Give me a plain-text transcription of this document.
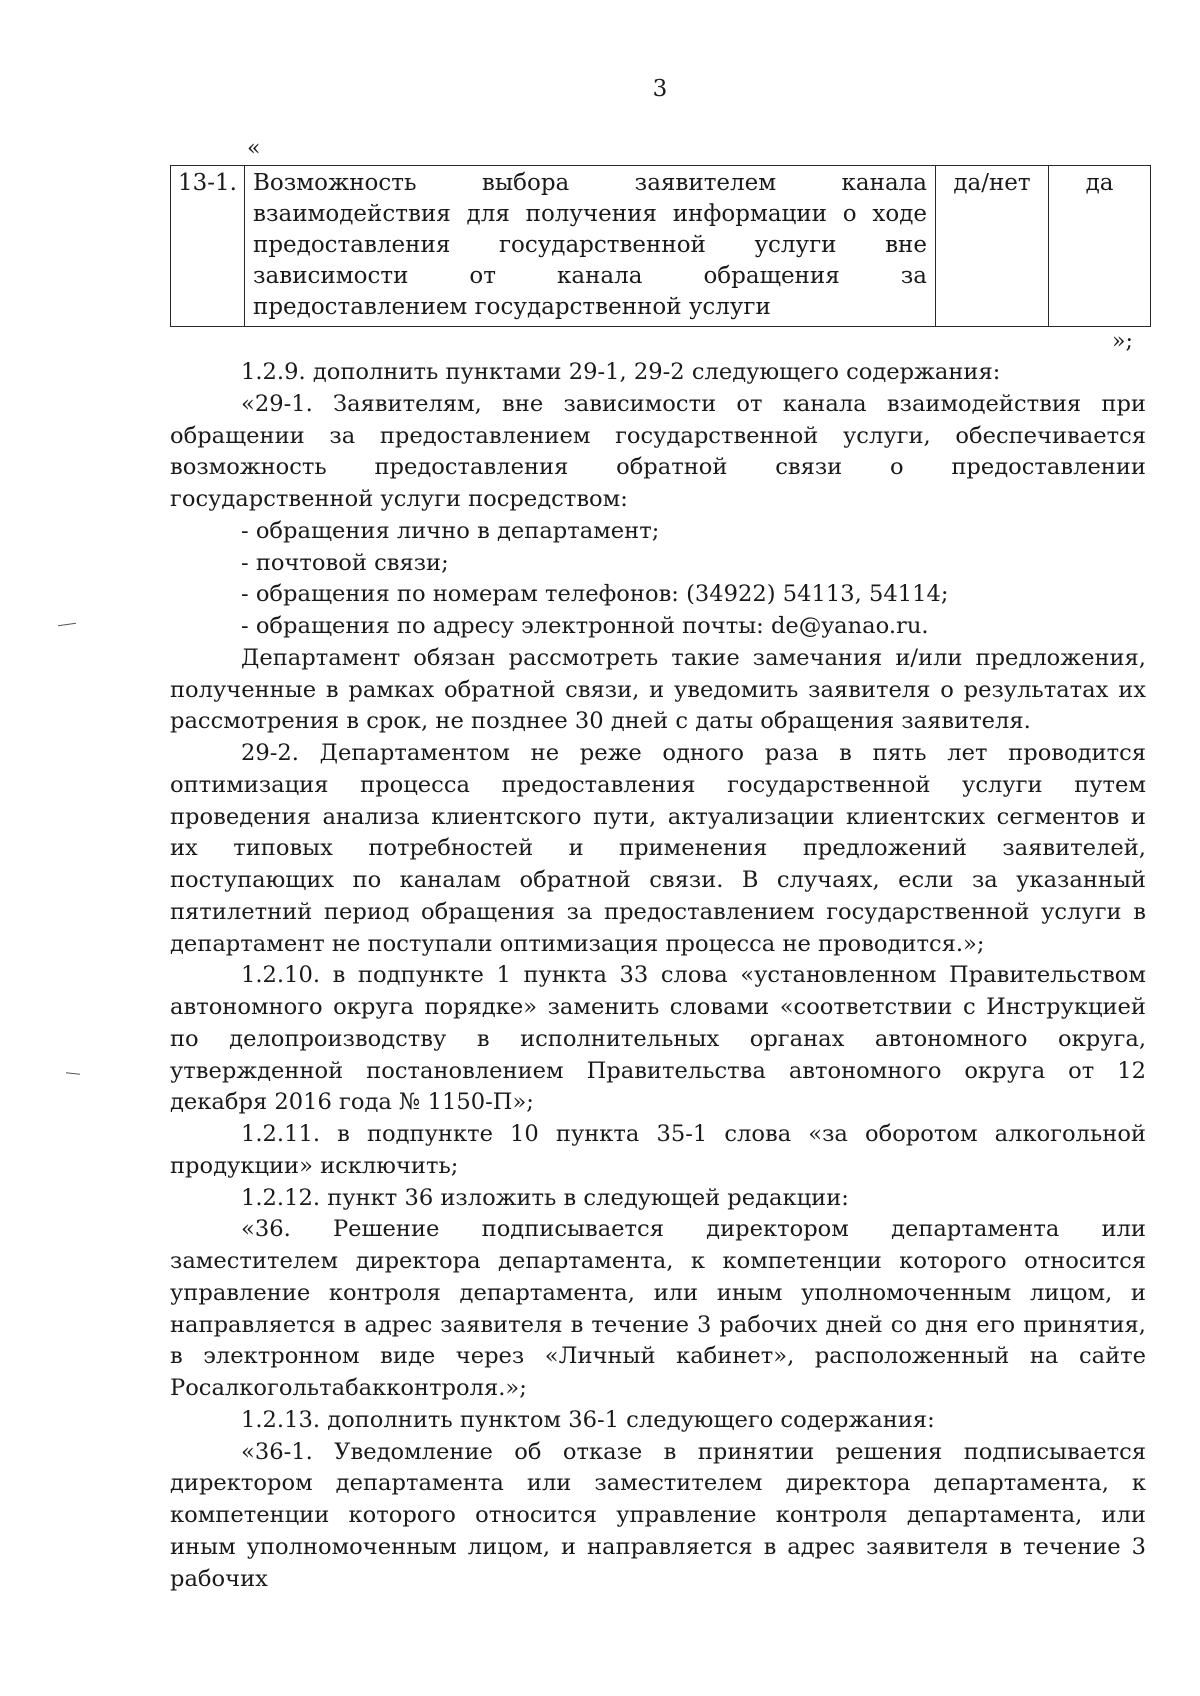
3
«
13-1.	Возможность выбора заявителем канала взаимодействия для получения информации о ходе предоставления государственной услуги вне зависимости от канала обращения за предоставлением государственной услуги	да/нет	да
»;

1.2.9. дополнить пунктами 29-1, 29-2 следующего содержания:

«29-1. Заявителям, вне зависимости от канала взаимодействия при обращении за предоставлением государственной услуги, обеспечивается возможность предоставления обратной связи о предоставлении государственной услуги посредством:

- обращения лично в департамент;

- почтовой связи;

- обращения по номерам телефонов: (34922) 54113, 54114;

- обращения по адресу электронной почты: de@yanao.ru.

Департамент обязан рассмотреть такие замечания и/или предложения, полученные в рамках обратной связи, и уведомить заявителя о результатах их рассмотрения в срок, не позднее 30 дней с даты обращения заявителя.

29-2. Департаментом не реже одного раза в пять лет проводится оптимизация процесса предоставления государственной услуги путем проведения анализа клиентского пути, актуализации клиентских сегментов и их типовых потребностей и применения предложений заявителей, поступающих по каналам обратной связи. В случаях, если за указанный пятилетний период обращения за предоставлением государственной услуги в департамент не поступали оптимизация процесса не проводится.»;

1.2.10. в подпункте 1 пункта 33 слова «установленном Правительством автономного округа порядке» заменить словами «соответствии с Инструкцией по делопроизводству в исполнительных органах автономного округа, утвержденной постановлением Правительства автономного округа от 12 декабря 2016 года № 1150-П»;

1.2.11. в подпункте 10 пункта 35-1 слова «за оборотом алкогольной продукции» исключить;

1.2.12. пункт 36 изложить в следующей редакции:

«36. Решение подписывается директором департамента или заместителем директора департамента, к компетенции которого относится управление контроля департамента, или иным уполномоченным лицом, и направляется в адрес заявителя в течение 3 рабочих дней со дня его принятия, в электронном виде через «Личный кабинет», расположенный на сайте Росалкогольтабакконтроля.»;

1.2.13. дополнить пунктом 36-1 следующего содержания:

«36-1. Уведомление об отказе в принятии решения подписывается директором департамента или заместителем директора департамента, к компетенции которого относится управление контроля департамента, или иным уполномоченным лицом, и направляется в адрес заявителя в течение 3 рабочих
